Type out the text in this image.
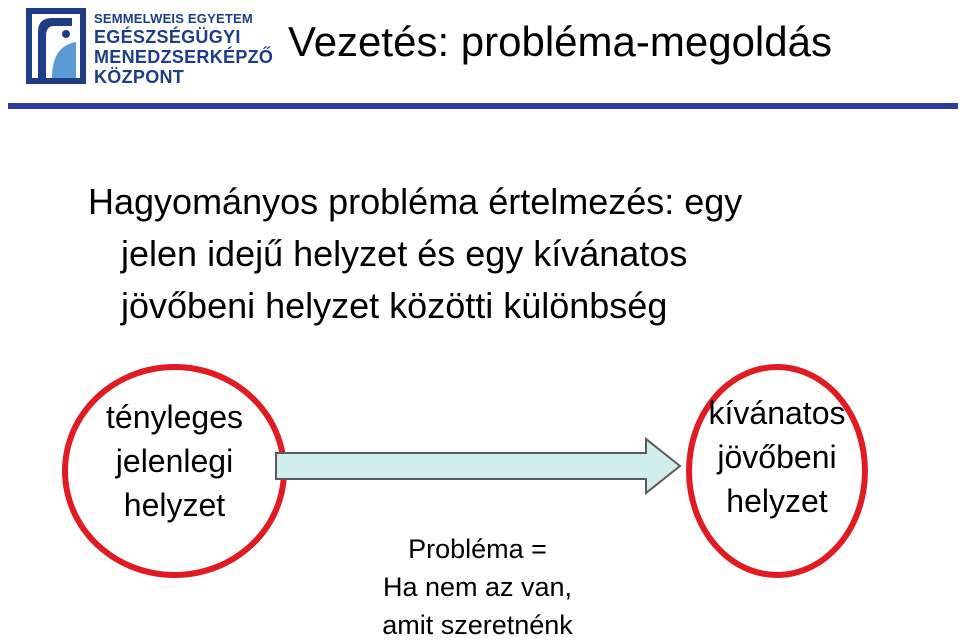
SEMMELWEIS EGYETEM
EGÉSZSÉGÜGYI
MENEDZSERKÉPZŐ
KÖZPONT
Vezetés: probléma-megoldás
Hagyományos probléma értelmezés: egy
jelen idejű helyzet és egy kívánatos
jövőbeni helyzet közötti különbség
tényleges
jelenlegi
helyzet
kívánatos
jövőbeni
helyzet
Probléma =
Ha nem az van,
amit szeretnénk
